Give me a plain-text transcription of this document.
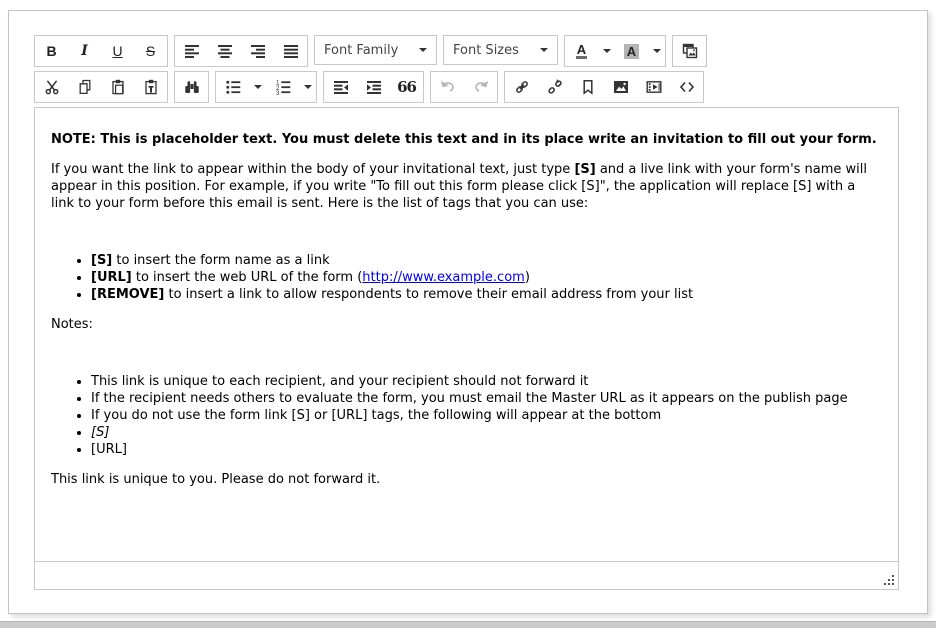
B I U S	Font Family	Font Sizes	A	A
1
2
3	66

NOTE: This is placeholder text. You must delete this text and in its place write an invitation to fill out your form.

If you want the link to appear within the body of your invitational text, just type [S] and a live link with your form's name will appear in this position. For example, if you write "To fill out this form please click [S]", the application will replace [S] with a link to your form before this email is sent. Here is the list of tags that you can use:

• [S] to insert the form name as a link
• [URL] to insert the web URL of the form (http://www.example.com)
• [REMOVE] to insert a link to allow respondents to remove their email address from your list

Notes:

• This link is unique to each recipient, and your recipient should not forward it
• If the recipient needs others to evaluate the form, you must email the Master URL as it appears on the publish page
• If you do not use the form link [S] or [URL] tags, the following will appear at the bottom
• [S]
• [URL]

This link is unique to you. Please do not forward it.
